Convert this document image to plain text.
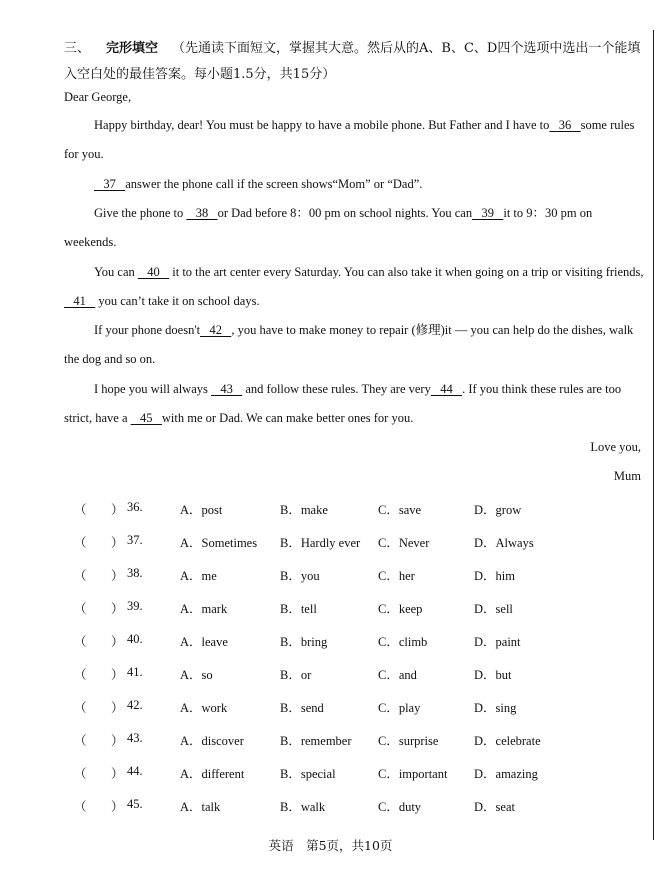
三、 完形填空 （先通读下面短文，掌握其大意。然后从的A、B、C、D四个选项中选出一个能填入空白处的最佳答案。每小题1.5分，共15分）
Dear George,
Happy birthday, dear! You must be happy to have a mobile phone. But Father and I have to   36   some rules for you.
37   answer the phone call if the screen shows“Mom” or “Dad”.
Give the phone to    38   or Dad before 8：00 pm on school nights. You can   39   it to 9：30 pm on weekends.
You can    40    it to the art center every Saturday. You can also take it when going on a trip or visiting friends,   41    you can’t take it on school days.
If your phone doesn't   42   , you have to make money to repair (修理)it — you can help do the dishes, walk the dog and so on.
I hope you will always    43    and follow these rules. They are very   44   . If you think these rules are too strict, have a    45   with me or Dad. We can make better ones for you.
Love you,
Mum
（ ） 36.	A．post	B．make	C．save	D．grow
（ ） 37.	A．Sometimes B．Hardly ever C．Never	D．Always
（ ） 38.	A．me	B．you	C．her	D．him
（ ） 39.	A．mark	B．tell	C．keep	D．sell
（ ） 40.	A．leave	B．bring	C．climb	D．paint
（ ） 41.	A．so	B．or	C．and	D．but
（ ） 42.	A．work	B．send	C．play	D．sing
（ ） 43.	A．discover	B．remember C．surprise	D．celebrate
（ ） 44.	A．different	B．special	C．important D．amazing
（ ） 45.	A．talk	B．walk	C．duty	D．seat
英语　第5页，共10页
